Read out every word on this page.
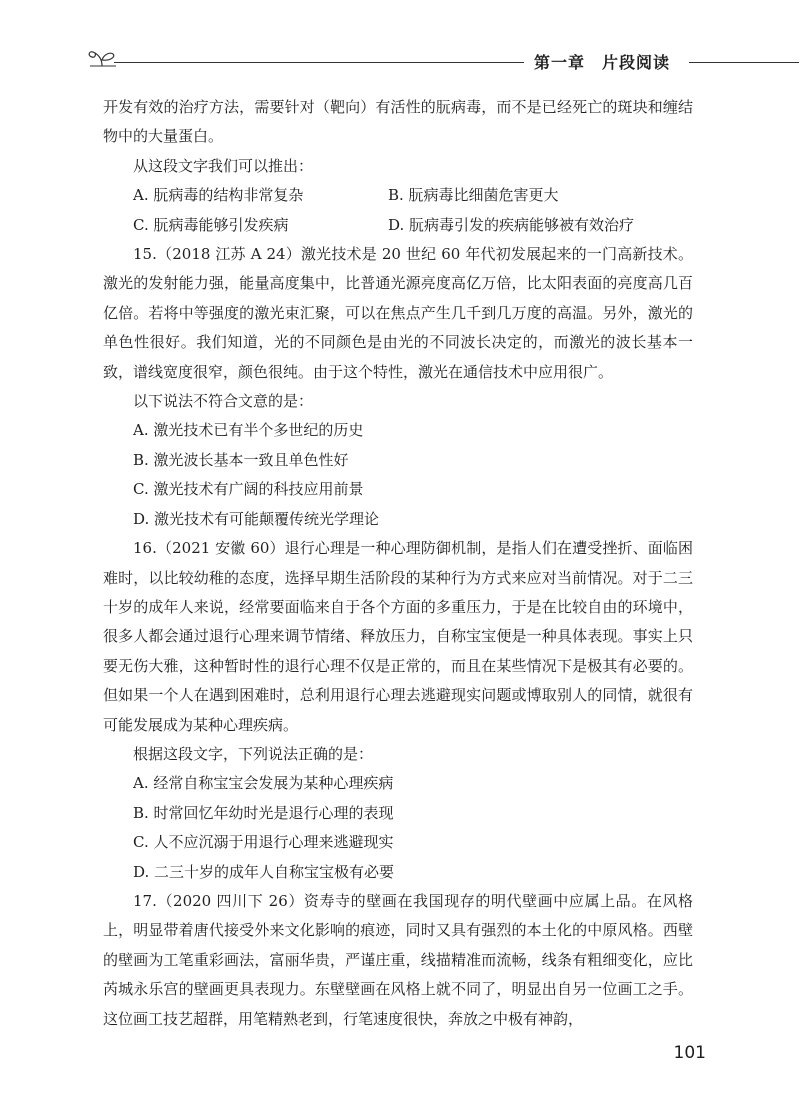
第一章　片段阅读

开发有效的治疗方法，需要针对（靶向）有活性的朊病毒，而不是已经死亡的斑块和缠结物中的大量蛋白。

从这段文字我们可以推出：

A. 朊病毒的结构非常复杂	B. 朊病毒比细菌危害更大
C. 朊病毒能够引发疾病	D. 朊病毒引发的疾病能够被有效治疗

15.（2018 江苏 A 24）激光技术是 20 世纪 60 年代初发展起来的一门高新技术。激光的发射能力强，能量高度集中，比普通光源亮度高亿万倍，比太阳表面的亮度高几百亿倍。若将中等强度的激光束汇聚，可以在焦点产生几千到几万度的高温。另外，激光的单色性很好。我们知道，光的不同颜色是由光的不同波长决定的，而激光的波长基本一致，谱线宽度很窄，颜色很纯。由于这个特性，激光在通信技术中应用很广。

以下说法不符合文意的是：

A. 激光技术已有半个多世纪的历史

B. 激光波长基本一致且单色性好

C. 激光技术有广阔的科技应用前景

D. 激光技术有可能颠覆传统光学理论

16.（2021 安徽 60）退行心理是一种心理防御机制，是指人们在遭受挫折、面临困难时，以比较幼稚的态度，选择早期生活阶段的某种行为方式来应对当前情况。对于二三十岁的成年人来说，经常要面临来自于各个方面的多重压力，于是在比较自由的环境中，很多人都会通过退行心理来调节情绪、释放压力，自称宝宝便是一种具体表现。事实上只要无伤大雅，这种暂时性的退行心理不仅是正常的，而且在某些情况下是极其有必要的。但如果一个人在遇到困难时，总利用退行心理去逃避现实问题或博取别人的同情，就很有可能发展成为某种心理疾病。

根据这段文字，下列说法正确的是：

A. 经常自称宝宝会发展为某种心理疾病

B. 时常回忆年幼时光是退行心理的表现

C. 人不应沉溺于用退行心理来逃避现实

D. 二三十岁的成年人自称宝宝极有必要

17.（2020 四川下 26）资寿寺的壁画在我国现存的明代壁画中应属上品。在风格上，明显带着唐代接受外来文化影响的痕迹，同时又具有强烈的本土化的中原风格。西壁的壁画为工笔重彩画法，富丽华贵，严谨庄重，线描精准而流畅，线条有粗细变化，应比芮城永乐宫的壁画更具表现力。东壁壁画在风格上就不同了，明显出自另一位画工之手。这位画工技艺超群，用笔精熟老到，行笔速度很快，奔放之中极有神韵，

101
